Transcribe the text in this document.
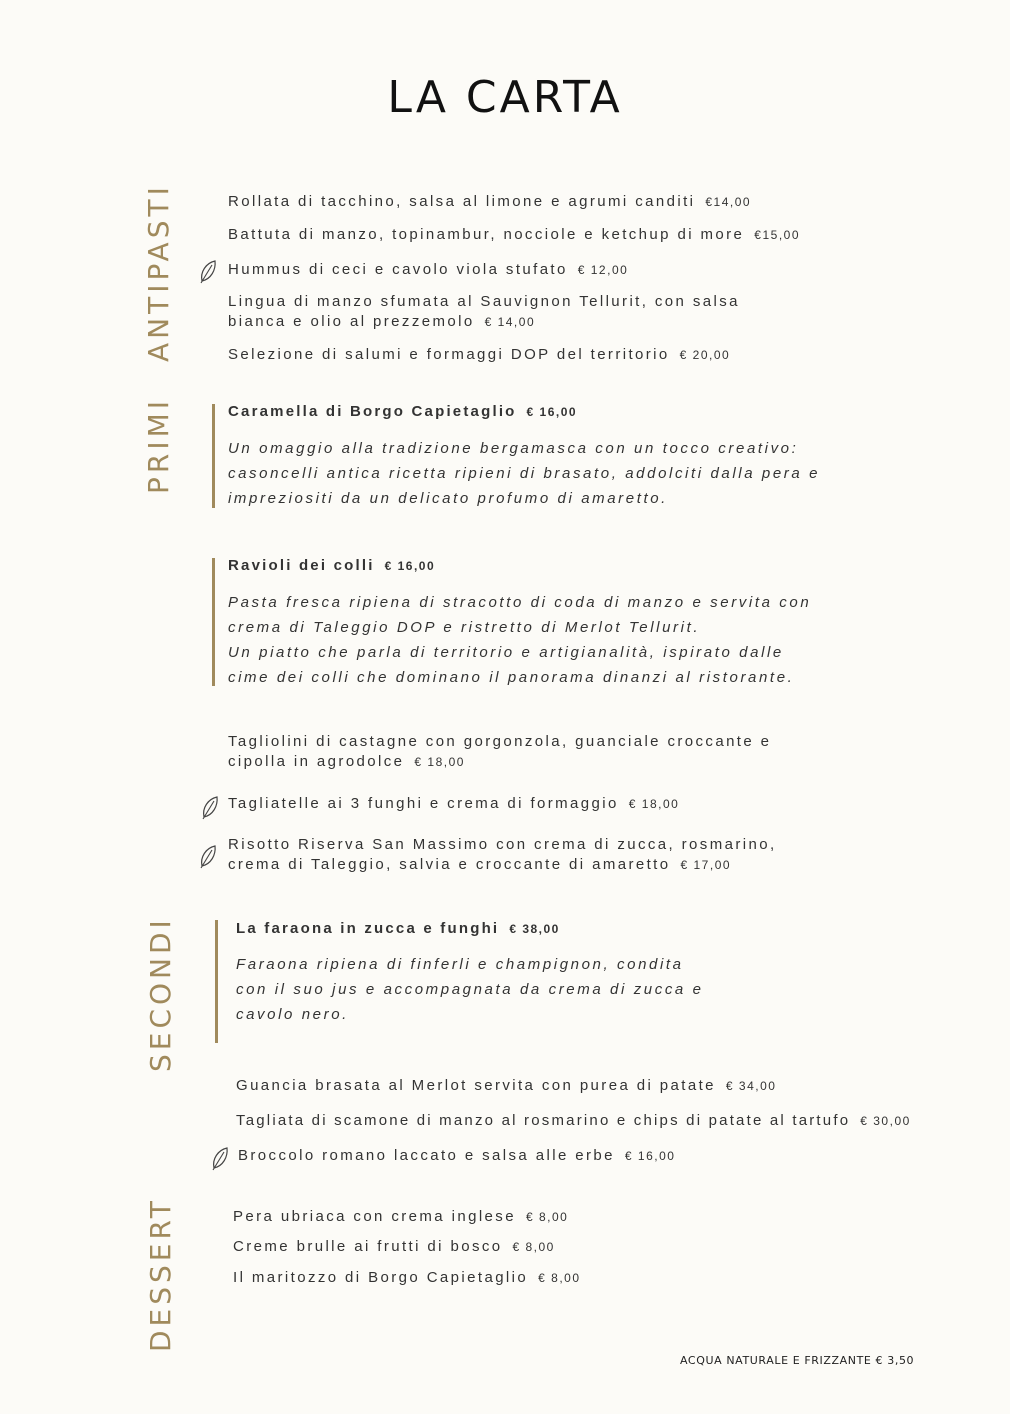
LA CARTA
ANTIPASTI
PRIMI
SECONDI
DESSERT
Rollata di tacchino, salsa al limone e agrumi canditi €14,00
Battuta di manzo, topinambur, nocciole e ketchup di more €15,00
Hummus di ceci e cavolo viola stufato € 12,00
Lingua di manzo sfumata al Sauvignon Tellurit, con salsa
bianca e olio al prezzemolo € 14,00
Selezione di salumi e formaggi DOP del territorio € 20,00
Caramella di Borgo Capietaglio € 16,00
Un omaggio alla tradizione bergamasca con un tocco creativo:
casoncelli antica ricetta ripieni di brasato, addolciti dalla pera e
impreziositi da un delicato profumo di amaretto.
Ravioli dei colli € 16,00
Pasta fresca ripiena di stracotto di coda di manzo e servita con
crema di Taleggio DOP e ristretto di Merlot Tellurit.
Un piatto che parla di territorio e artigianalità, ispirato dalle
cime dei colli che dominano il panorama dinanzi al ristorante.
Tagliolini di castagne con gorgonzola, guanciale croccante e
cipolla in agrodolce € 18,00
Tagliatelle ai 3 funghi e crema di formaggio € 18,00
Risotto Riserva San Massimo con crema di zucca, rosmarino,
crema di Taleggio, salvia e croccante di amaretto € 17,00
La faraona in zucca e funghi € 38,00
Faraona ripiena di finferli e champignon, condita
con il suo jus e accompagnata da crema di zucca e
cavolo nero.
Guancia brasata al Merlot servita con purea di patate € 34,00
Tagliata di scamone di manzo al rosmarino e chips di patate al tartufo € 30,00
Broccolo romano laccato e salsa alle erbe € 16,00
Pera ubriaca con crema inglese € 8,00
Creme brulle ai frutti di bosco € 8,00
Il maritozzo di Borgo Capietaglio € 8,00
ACQUA NATURALE E FRIZZANTE € 3,50
